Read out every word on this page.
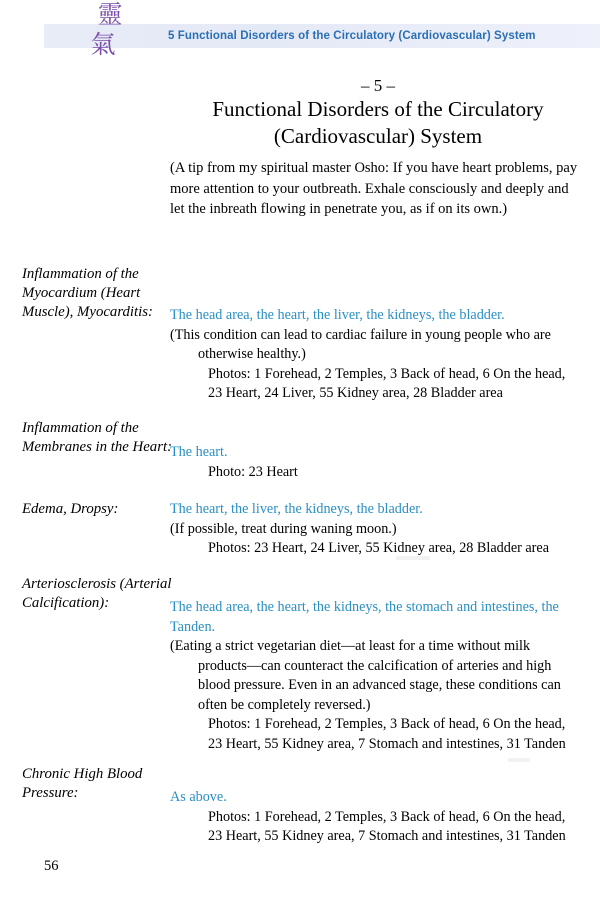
靈
氣	5 Functional Disorders of the Circulatory (Cardiovascular) System
– 5 –
Functional Disorders of the Circulatory
(Cardiovascular) System
(A tip from my spiritual master Osho: If you have heart problems, pay more attention to your outbreath. Exhale consciously and deeply and let the inbreath flowing in penetrate you, as if on its own.)
Inflammation of the Myocardium (Heart Muscle), Myocarditis:	The head area, the heart, the liver, the kidneys, the bladder.
(This condition can lead to cardiac failure in young people who are otherwise healthy.)
Photos: 1 Forehead, 2 Temples, 3 Back of head, 6 On the head, 23 Heart, 24 Liver, 55 Kidney area, 28 Bladder area
Inflammation of the Membranes in the Heart:
The heart.
Photo: 23 Heart
Edema, Dropsy:	The heart, the liver, the kidneys, the bladder.
(If possible, treat during waning moon.)
Photos: 23 Heart, 24 Liver, 55 Kidney area, 28 Bladder area
Arteriosclerosis (Arterial Calcification):	The head area, the heart, the kidneys, the stomach and intestines, the Tanden.
(Eating a strict vegetarian diet—at least for a time without milk products—can counteract the calcification of arteries and high blood pressure. Even in an advanced stage, these conditions can often be completely reversed.)
Photos: 1 Forehead, 2 Temples, 3 Back of head, 6 On the head, 23 Heart, 55 Kidney area, 7 Stomach and intestines, 31 Tanden
Chronic High Blood Pressure:	As above.
Photos: 1 Forehead, 2 Temples, 3 Back of head, 6 On the head, 23 Heart, 55 Kidney area, 7 Stomach and intestines, 31 Tanden
56
